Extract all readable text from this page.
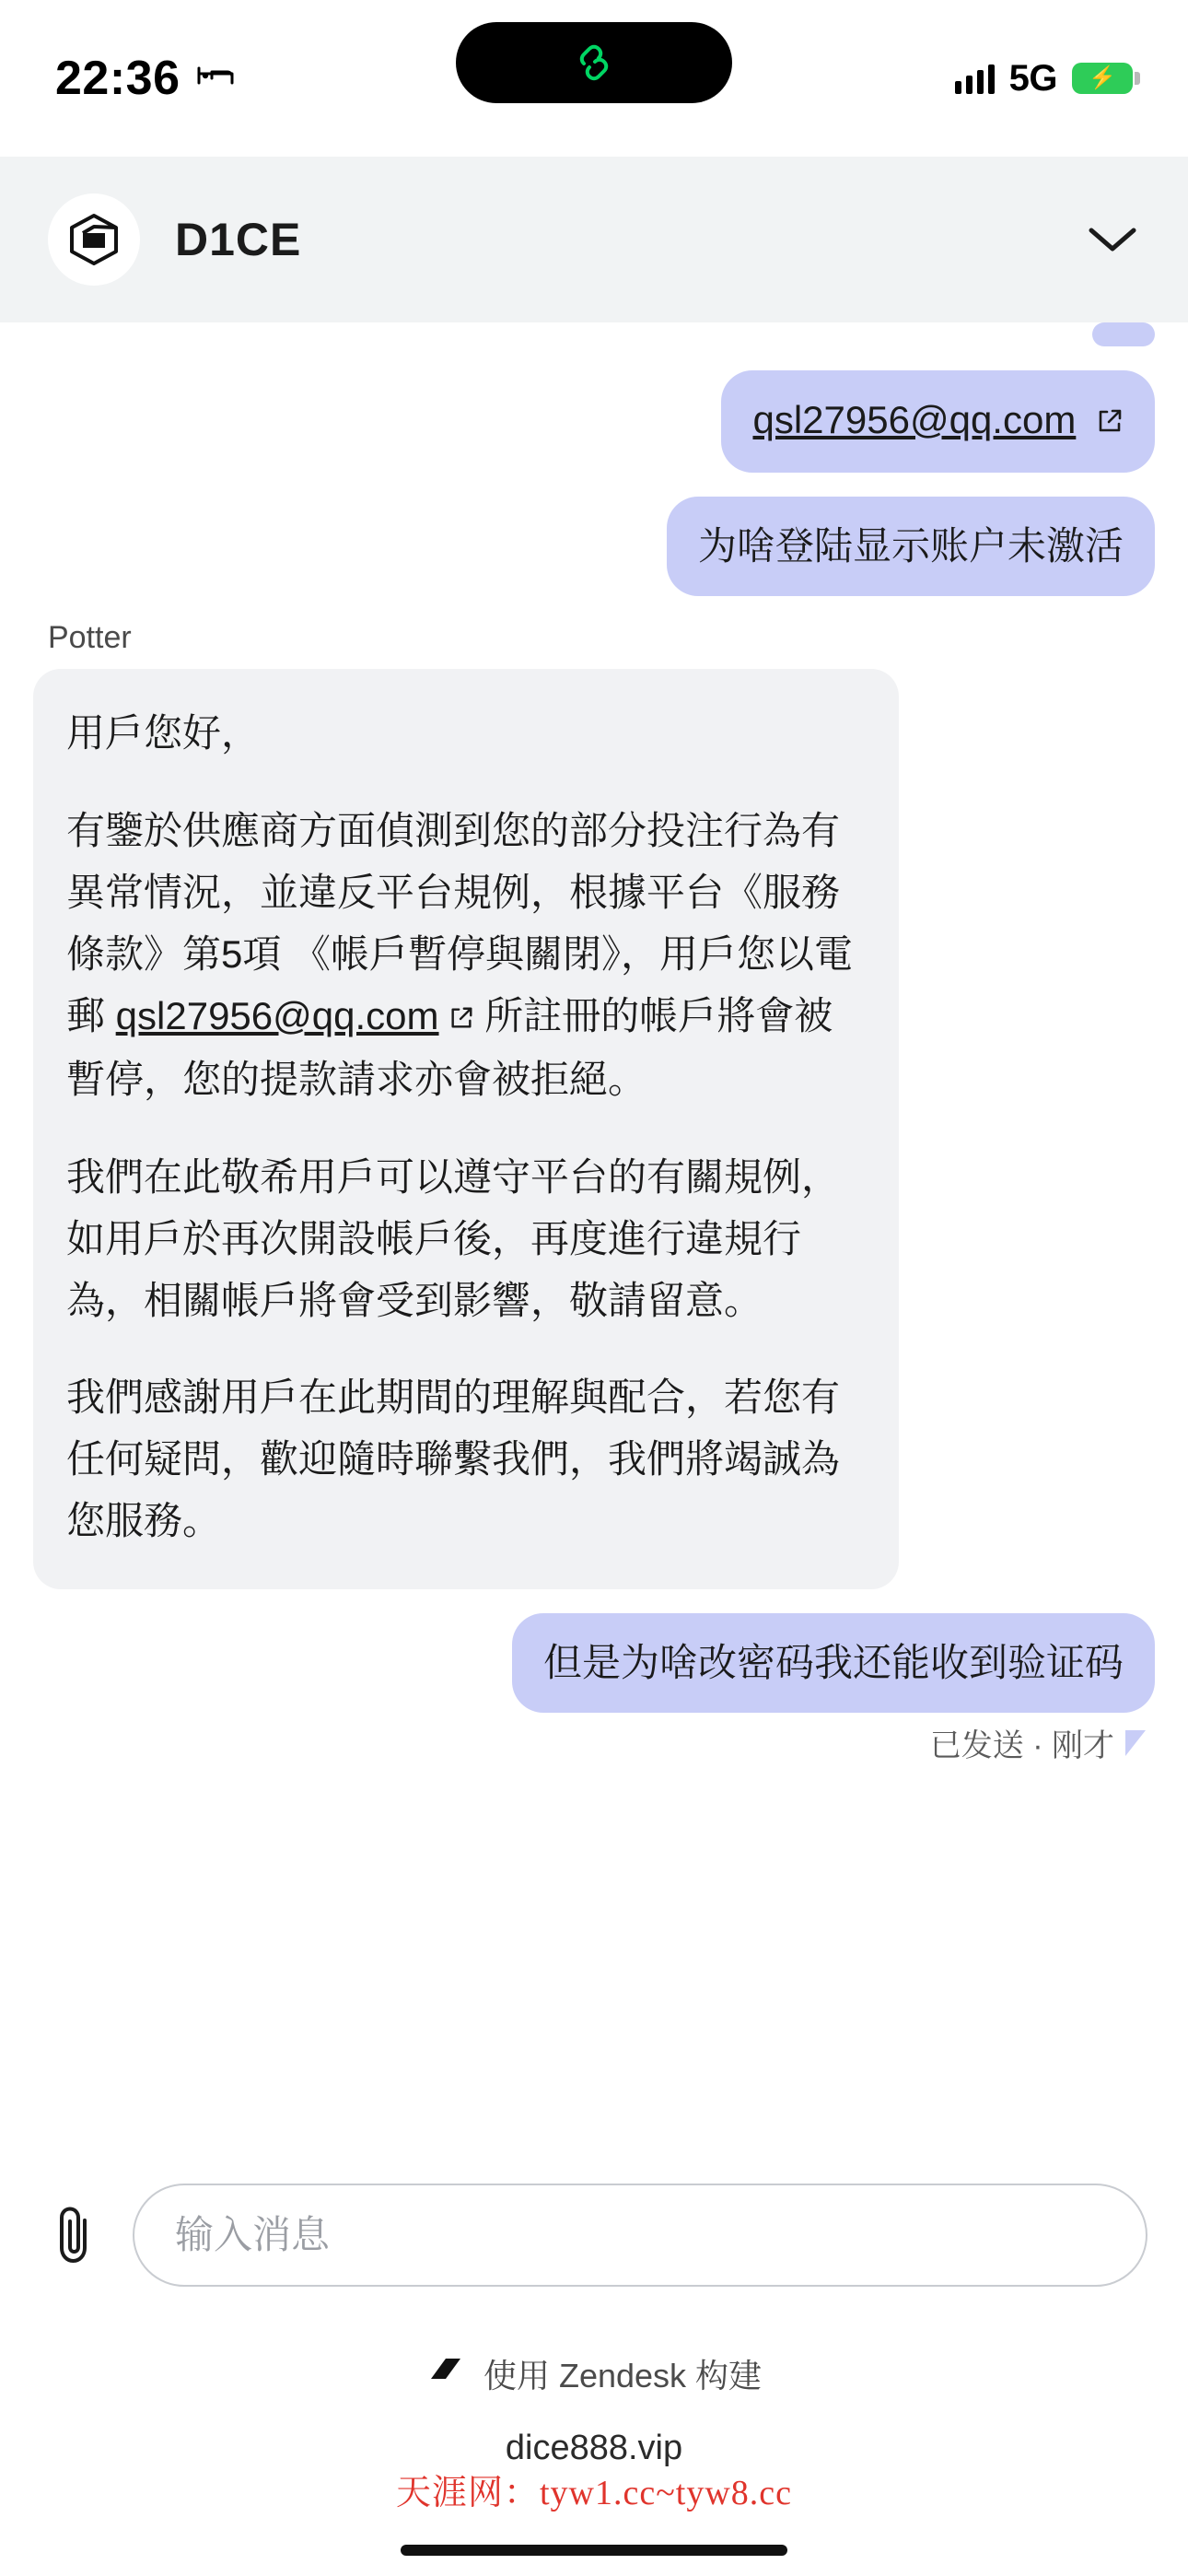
22:36	5G ⚡
D1CE
qsl27956@qq.com
为啥登陆显示账户未激活
Potter
用戶您好，
有鑒於供應商方面偵測到您的部分投注行為有異常情況，並違反平台規例，根據平台《服務條款》第5項 《帳戶暫停與關閉》，用戶您以電郵 qsl27956@qq.com 所註冊的帳戶將會被暫停，您的提款請求亦會被拒絕。
我們在此敬希用戶可以遵守平台的有關規例，如用戶於再次開設帳戶後，再度進行違規行為，相關帳戶將會受到影響，敬請留意。
我們感謝用戶在此期間的理解與配合，若您有任何疑問，歡迎隨時聯繫我們，我們將竭誠為您服務。
但是为啥改密码我还能收到验证码
已发送 · 刚才
输入消息
使用 Zendesk 构建
dice888.vip
天涯网：tyw1.cc~tyw8.cc
